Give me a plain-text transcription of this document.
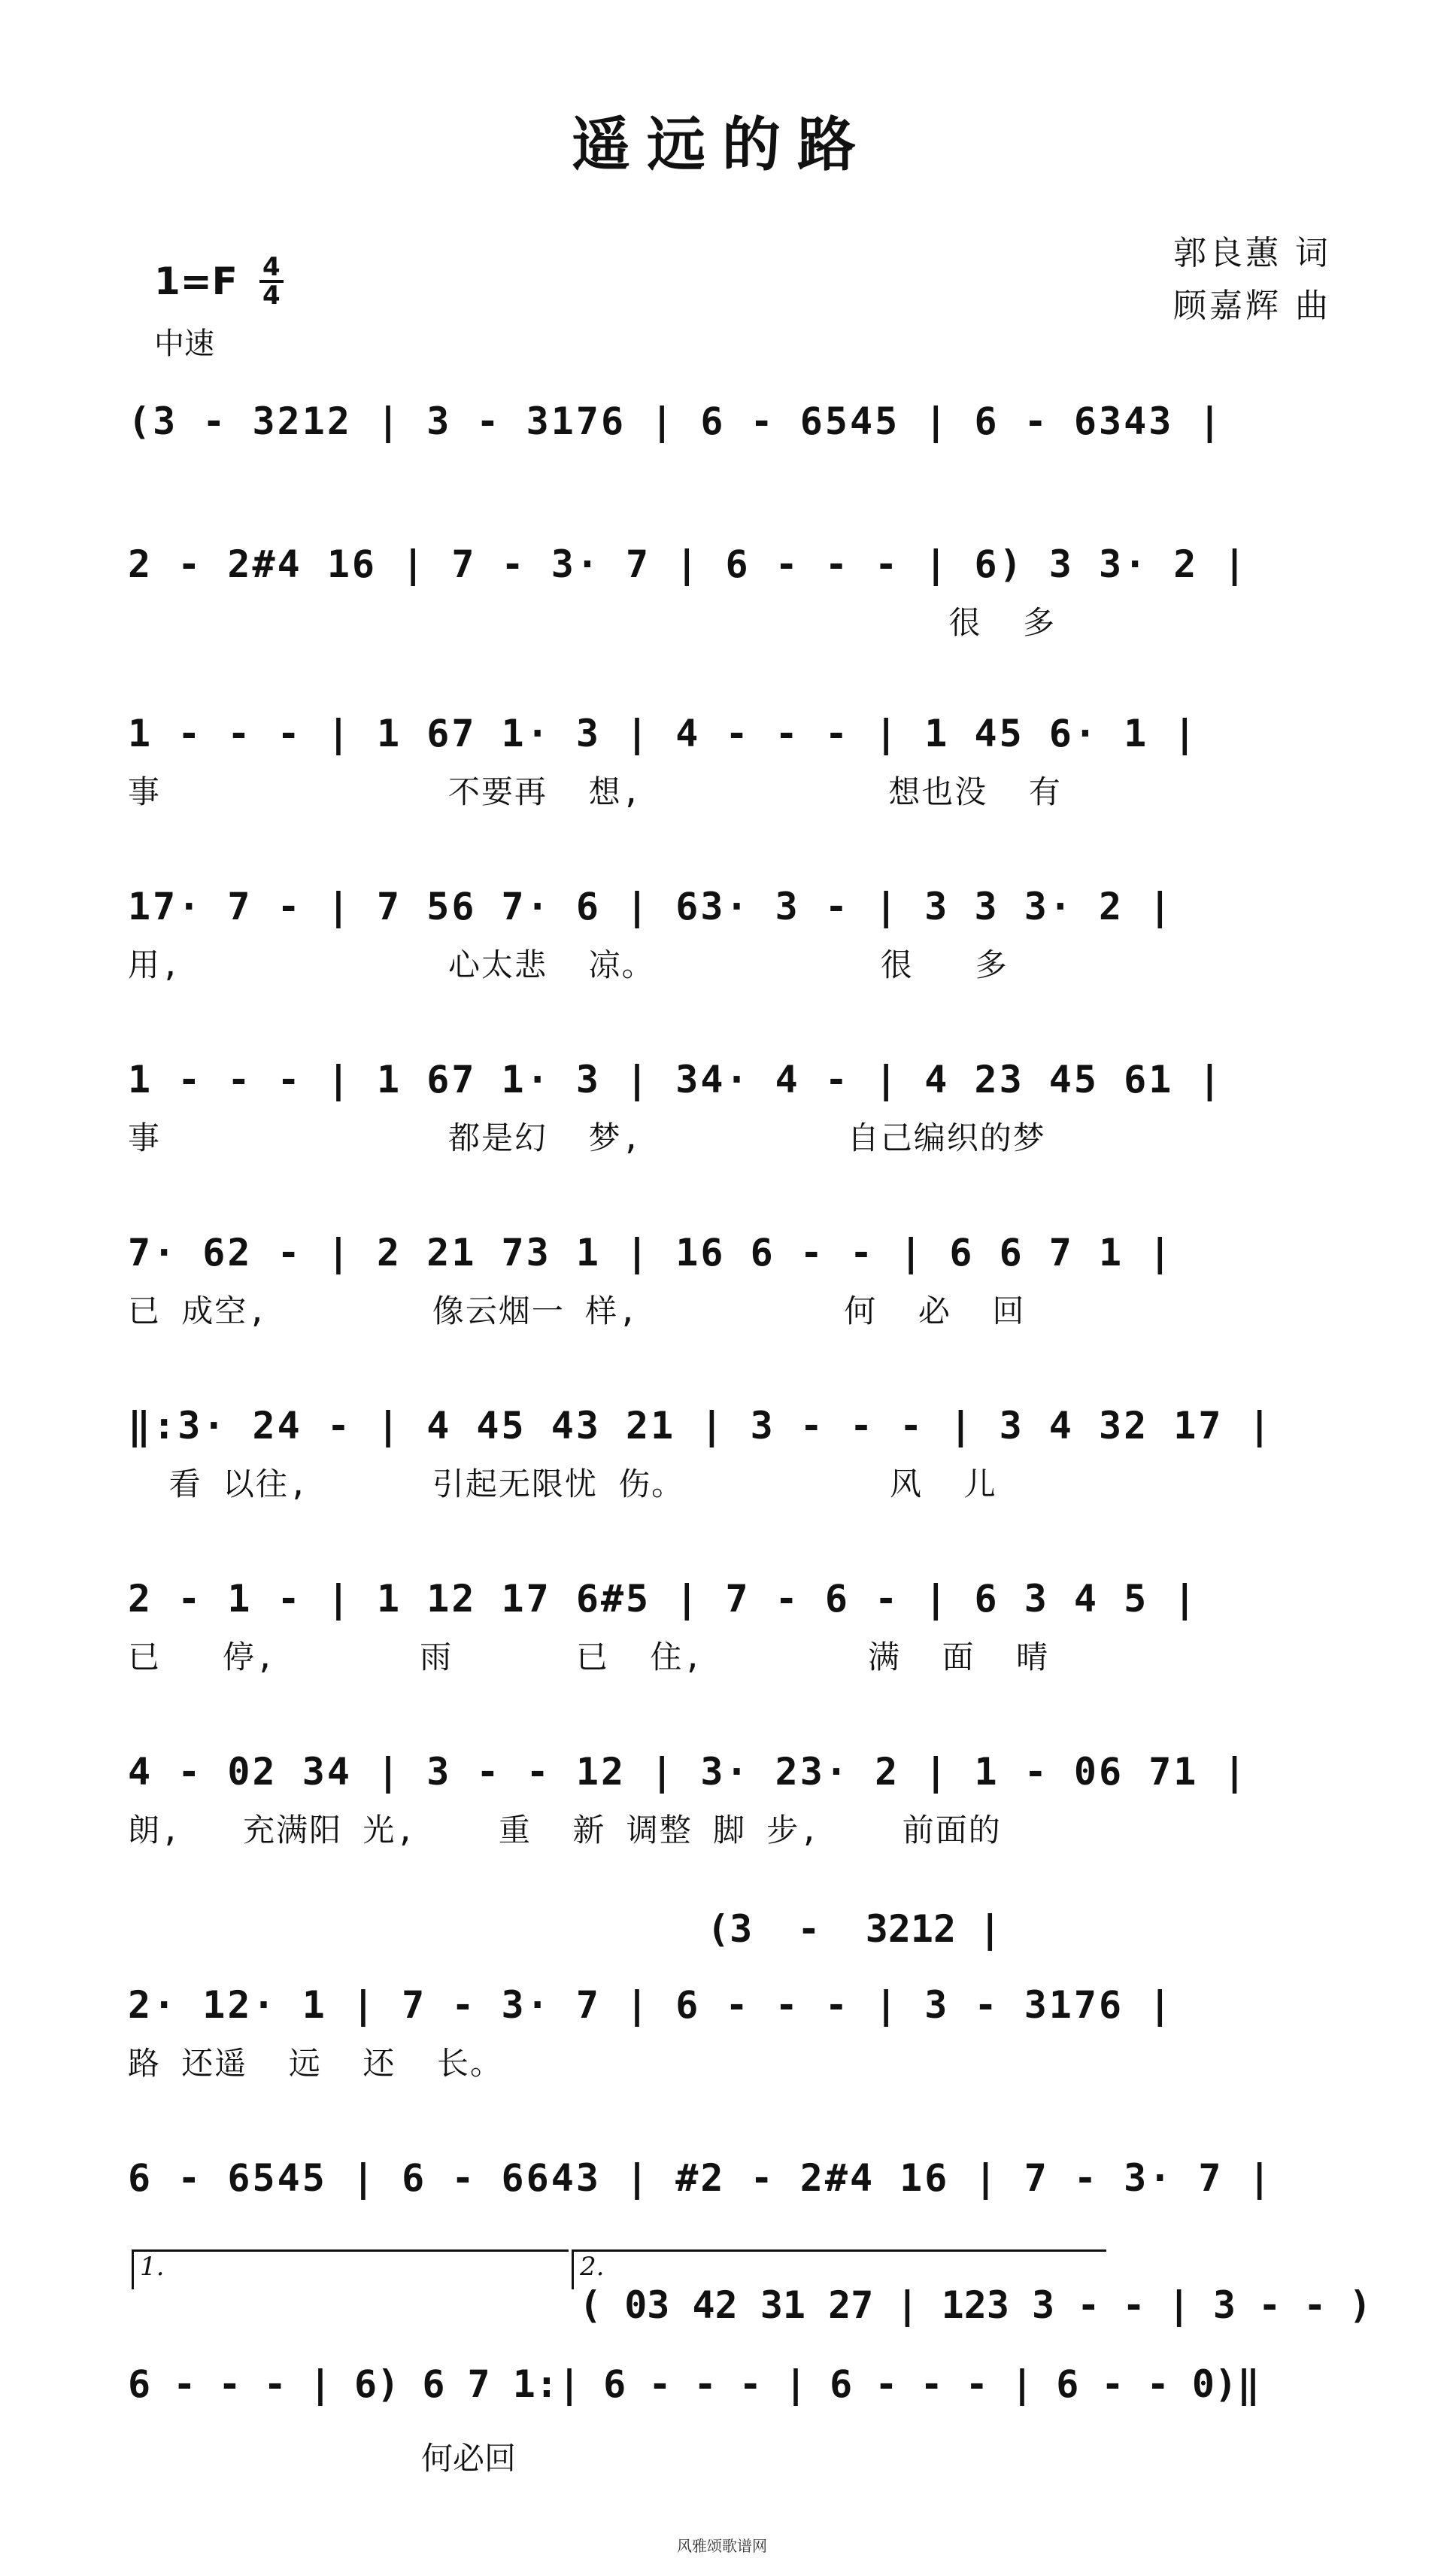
遥远的路
郭良蕙 词
顾嘉辉 曲
1=F 4
4
中速
(3 - 3212 | 3 - 3176 | 6 - 6545 | 6 - 6343 |
2 - 2#4 16 | 7 - 3· 7 | 6 - - - | 6) 3 3· 2 |
很  多
1 - - - | 1 67 1· 3 | 4 - - - | 1 45 6· 1 |
事              不要再  想,            想也没  有
17· 7 - | 7 56 7· 6 | 63· 3 - | 3 3 3· 2 |
用,             心太悲  凉。           很   多
1 - - - | 1 67 1· 3 | 34· 4 - | 4 23 45 61 |
事              都是幻  梦,          自己编织的梦
7· 62 - | 2 21 73 1 | 16 6 - - | 6 6 7 1 |
已 成空,        像云烟一 样,          何  必  回
‖:3· 24 - | 4 45 43 21 | 3 - - - | 3 4 32 17 |
看 以往,      引起无限忧 伤。          风  儿
2 - 1 - | 1 12 17 6#5 | 7 - 6 - | 6 3 4 5 |
已   停,       雨      已  住,        满  面  晴
4 - 02 34 | 3 - - 12 | 3· 23· 2 | 1 - 06 71 |
朗,   充满阳 光,    重  新 调整 脚 步,    前面的
(3  -  3212 |
2· 12· 1 | 7 - 3· 7 | 6 - - - | 3 - 3176 |
路 还遥  远  还  长。
6 - 6545 | 6 - 6643 | #2 - 2#4 16 | 7 - 3· 7 |
1.	2.
( 03 42 31 27 | 123 3 - - | 3 - - )
6 - - - | 6) 6 7 1:| 6 - - - | 6 - - - | 6 - - 0)‖
何必回
风雅颂歌谱网
